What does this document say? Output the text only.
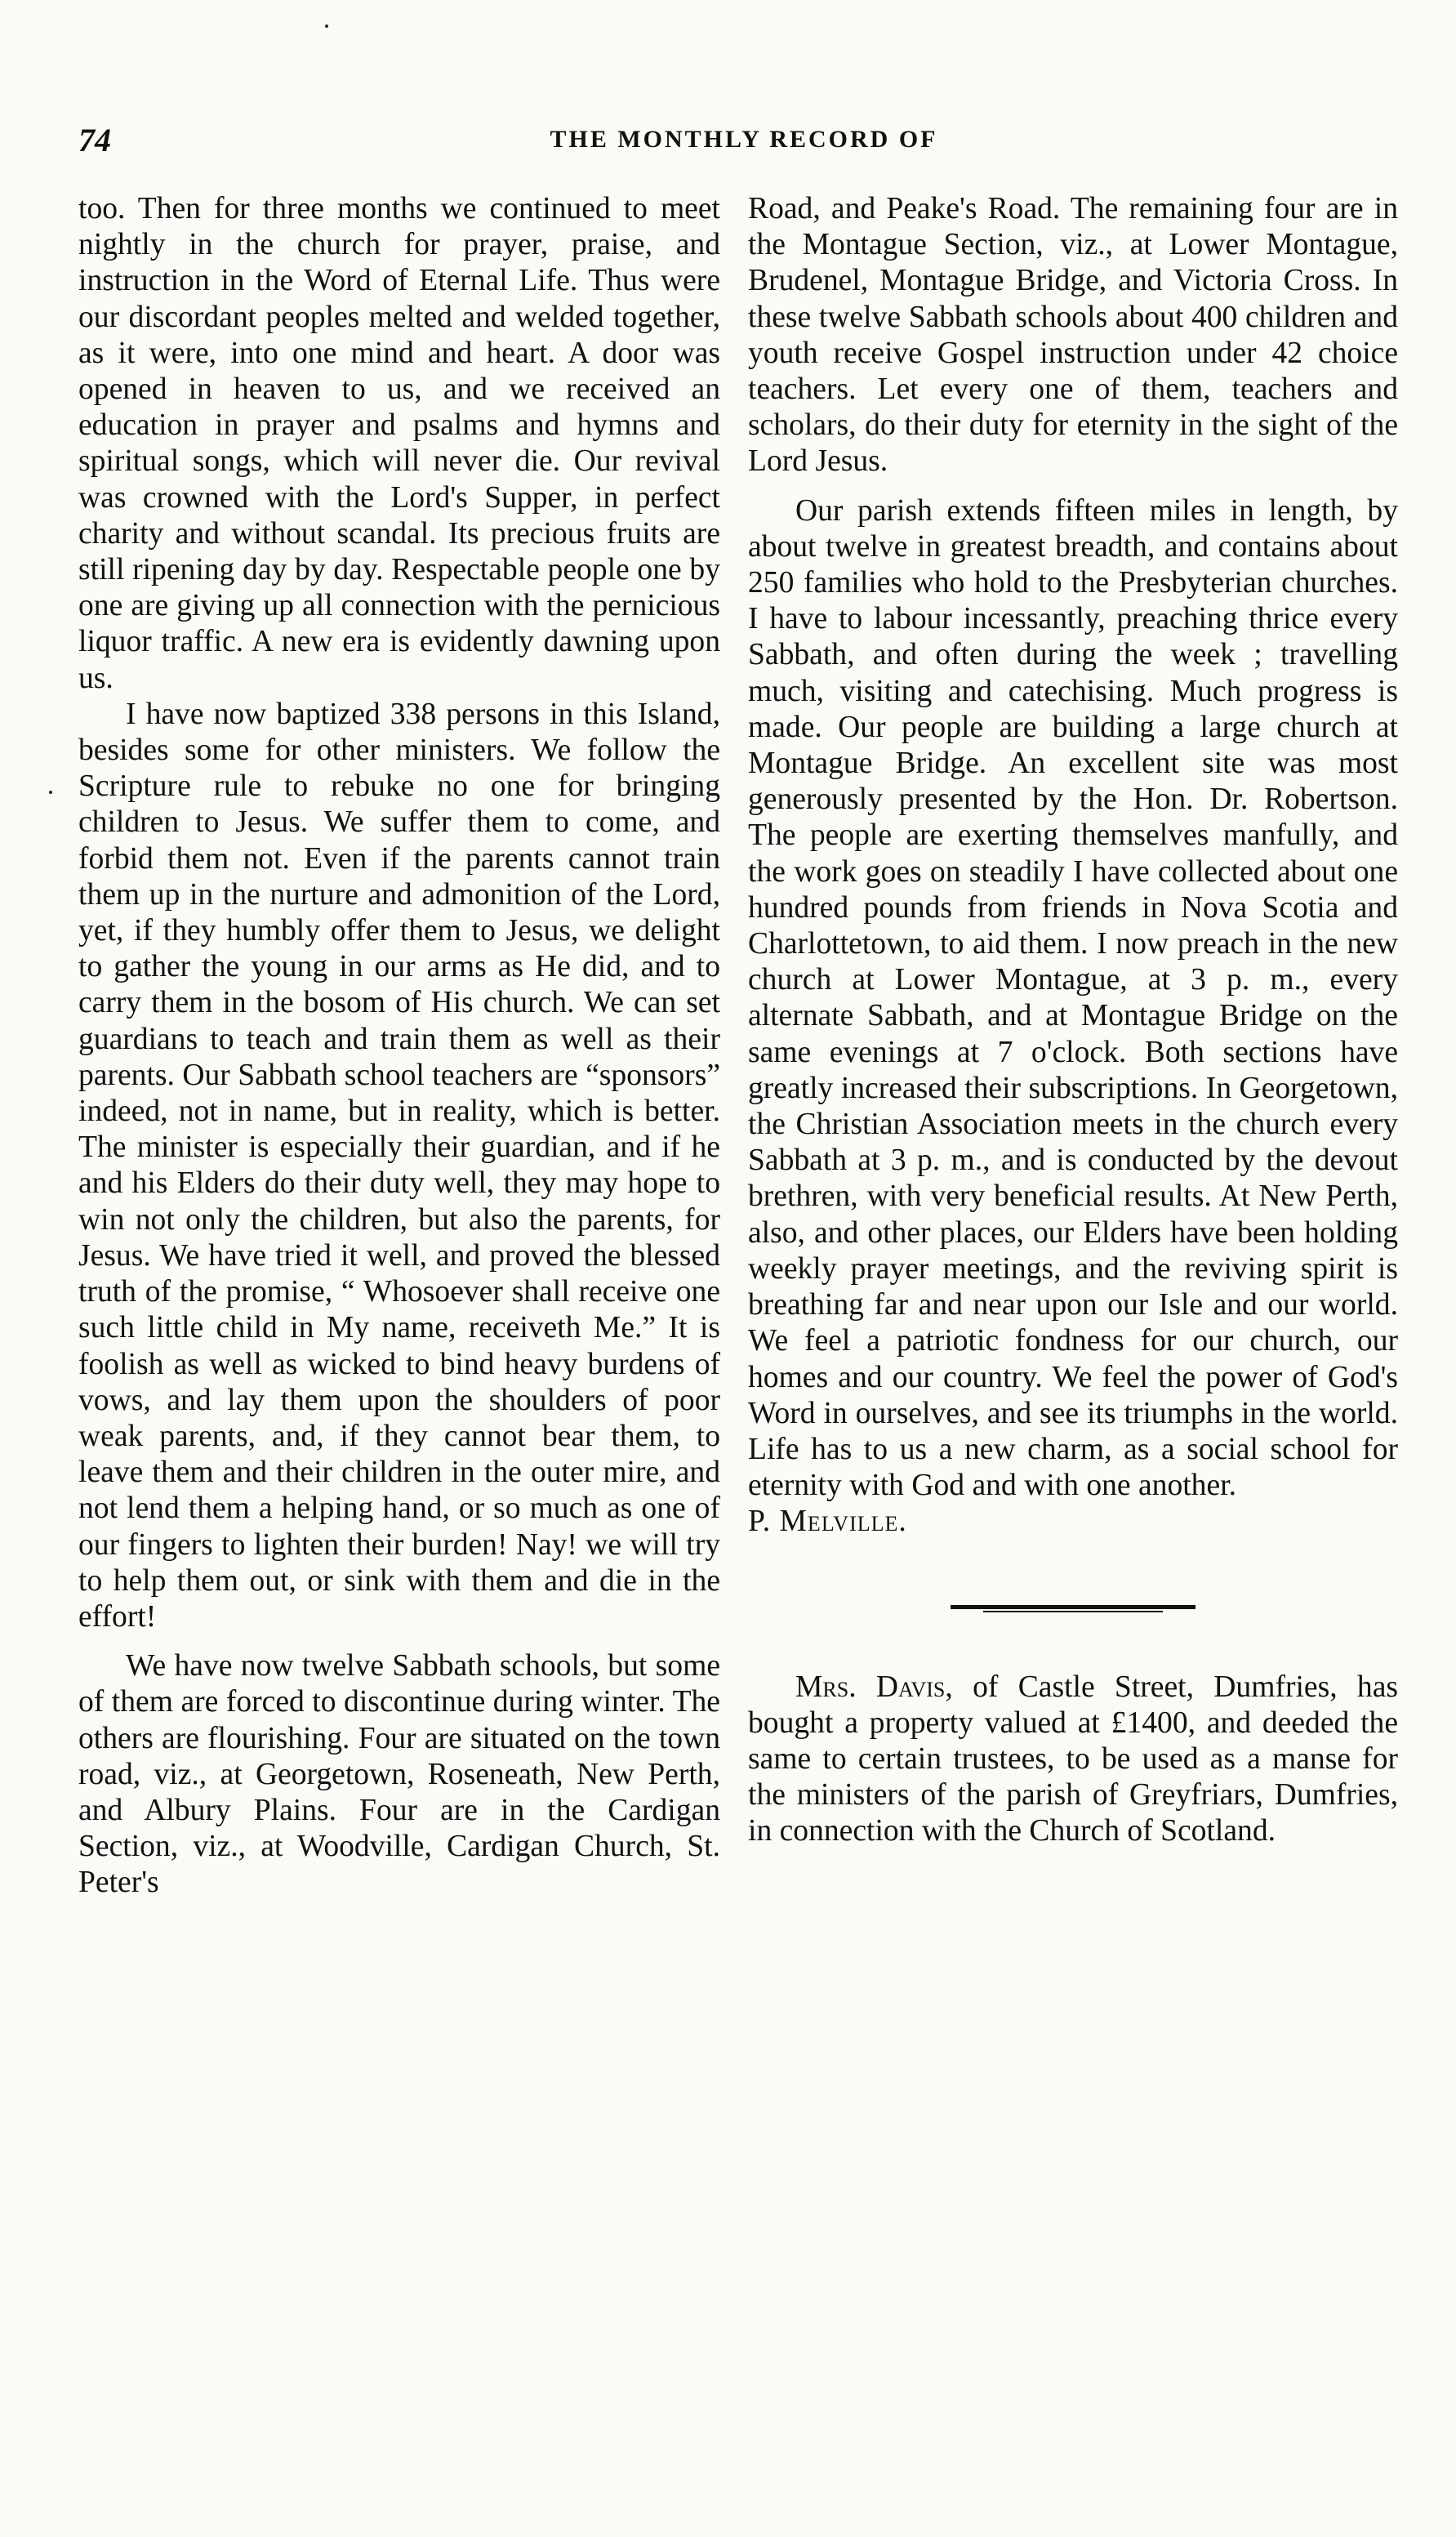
74	THE MONTHLY RECORD OF

too. Then for three months we continued to meet nightly in the church for prayer, praise, and instruction in the Word of Eternal Life. Thus were our discordant peoples melted and welded together, as it were, into one mind and heart. A door was opened in heaven to us, and we received an education in prayer and psalms and hymns and spiritual songs, which will never die. Our revival was crowned with the Lord's Supper, in perfect charity and without scandal. Its precious fruits are still ripening day by day. Respectable people one by one are giving up all connection with the pernicious liquor traffic. A new era is evidently dawning upon us.

I have now baptized 338 persons in this Island, besides some for other ministers. We follow the Scripture rule to rebuke no one for bringing children to Jesus. We suffer them to come, and forbid them not. Even if the parents cannot train them up in the nurture and admonition of the Lord, yet, if they humbly offer them to Jesus, we delight to gather the young in our arms as He did, and to carry them in the bosom of His church. We can set guardians to teach and train them as well as their parents. Our Sabbath school teachers are “sponsors” indeed, not in name, but in reality, which is better. The minister is especially their guardian, and if he and his Elders do their duty well, they may hope to win not only the children, but also the parents, for Jesus. We have tried it well, and proved the blessed truth of the promise, “ Whosoever shall receive one such little child in My name, receiveth Me.” It is foolish as well as wicked to bind heavy burdens of vows, and lay them upon the shoulders of poor weak parents, and, if they cannot bear them, to leave them and their children in the outer mire, and not lend them a helping hand, or so much as one of our fingers to lighten their burden! Nay! we will try to help them out, or sink with them and die in the effort!

We have now twelve Sabbath schools, but some of them are forced to discontinue during winter. The others are flourishing. Four are situated on the town road, viz., at Georgetown, Roseneath, New Perth, and Albury Plains. Four are in the Cardigan Section, viz., at Woodville, Cardigan Church, St. Peter's

Road, and Peake's Road. The remaining four are in the Montague Section, viz., at Lower Montague, Brudenel, Montague Bridge, and Victoria Cross. In these twelve Sabbath schools about 400 children and youth receive Gospel instruction under 42 choice teachers. Let every one of them, teachers and scholars, do their duty for eternity in the sight of the Lord Jesus.

Our parish extends fifteen miles in length, by about twelve in greatest breadth, and contains about 250 families who hold to the Presbyterian churches. I have to labour incessantly, preaching thrice every Sabbath, and often during the week ; travelling much, visiting and catechising. Much progress is made. Our people are building a large church at Montague Bridge. An excellent site was most generously presented by the Hon. Dr. Robertson. The people are exerting themselves manfully, and the work goes on steadily I have collected about one hundred pounds from friends in Nova Scotia and Charlottetown, to aid them. I now preach in the new church at Lower Montague, at 3 p. m., every alternate Sabbath, and at Montague Bridge on the same evenings at 7 o'clock. Both sections have greatly increased their subscriptions. In Georgetown, the Christian Association meets in the church every Sabbath at 3 p. m., and is conducted by the devout brethren, with very beneficial results. At New Perth, also, and other places, our Elders have been holding weekly prayer meetings, and the reviving spirit is breathing far and near upon our Isle and our world. We feel a patriotic fondness for our church, our homes and our country. We feel the power of God's Word in ourselves, and see its triumphs in the world. Life has to us a new charm, as a social school for eternity with God and with one another.

P. Melville.

Mrs. Davis, of Castle Street, Dumfries, has bought a property valued at £1400, and deeded the same to certain trustees, to be used as a manse for the ministers of the parish of Greyfriars, Dumfries, in connection with the Church of Scotland.
